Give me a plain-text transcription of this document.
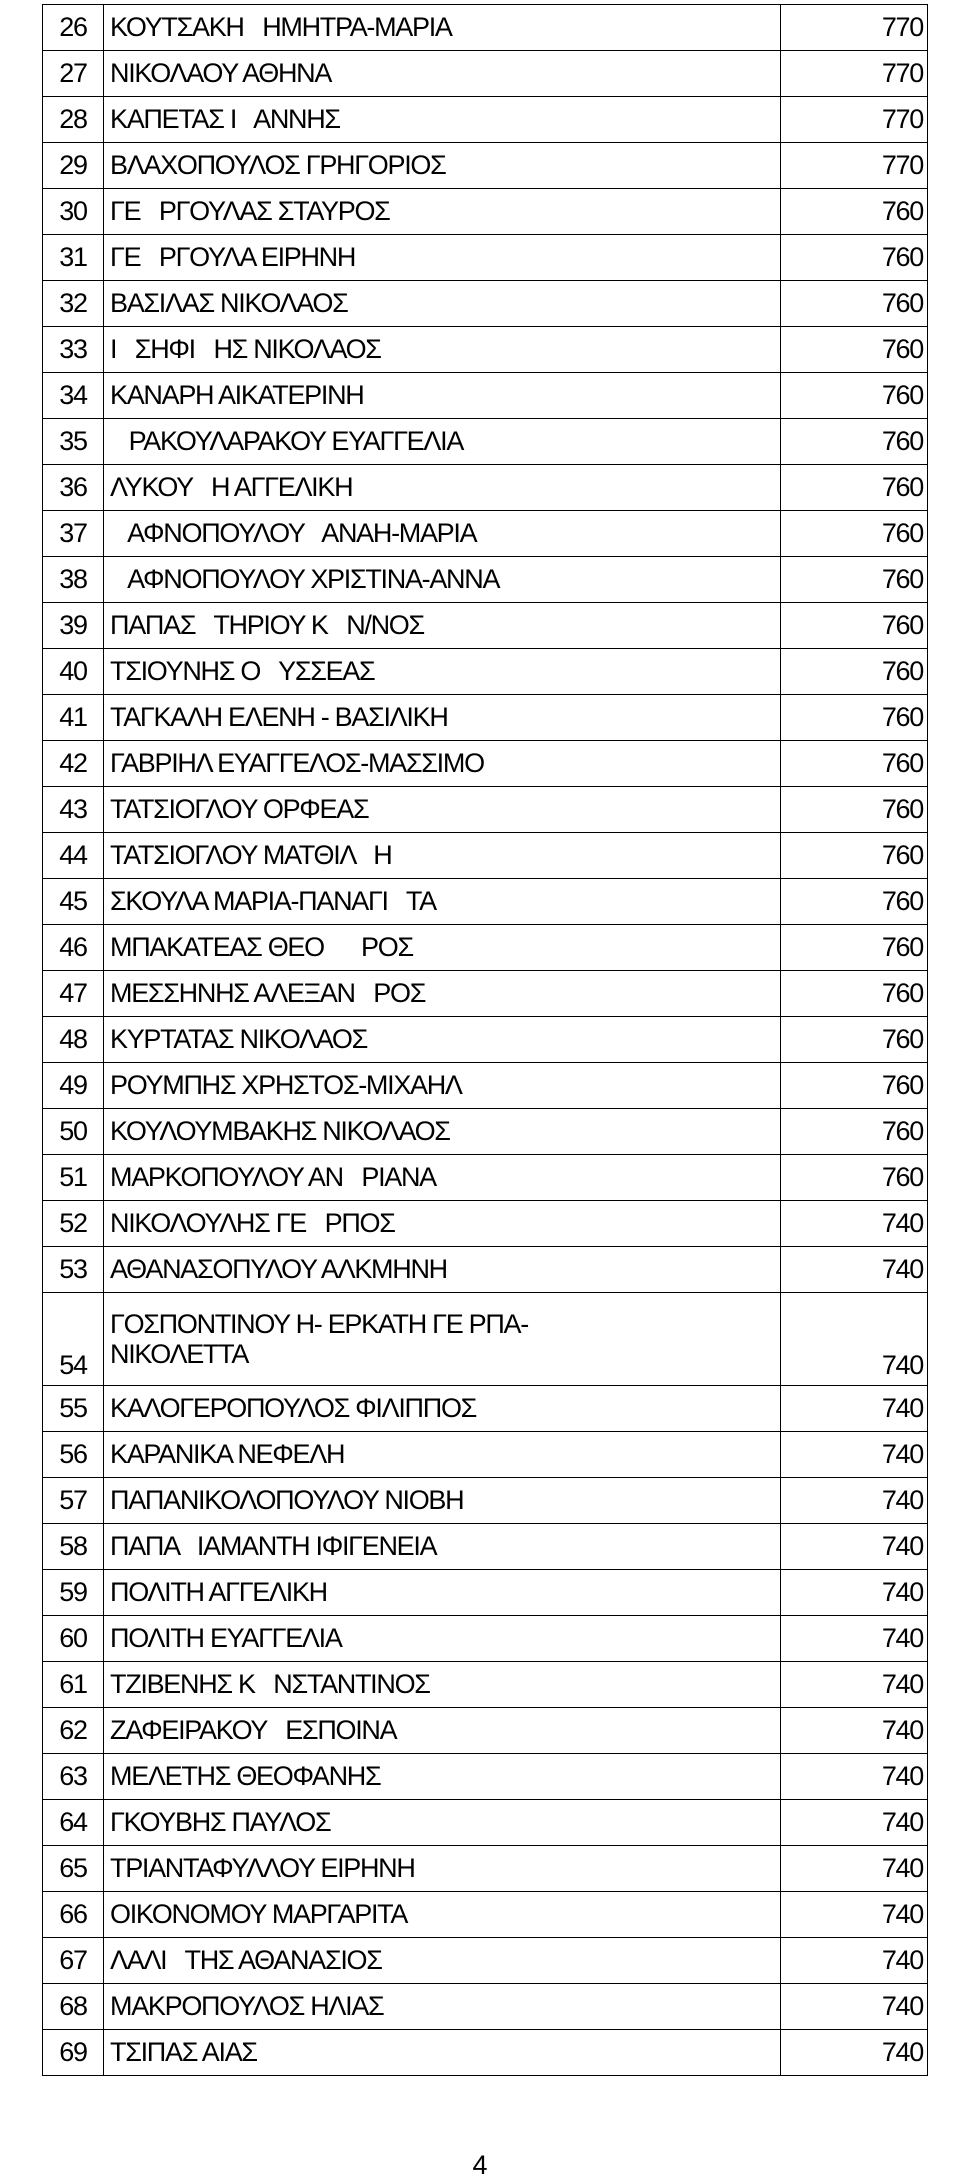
26	ΚΟΥΤΣΑΚΗ   ΗΜΗΤΡΑ-ΜΑΡΙΑ	770
27	ΝΙΚΟΛΑΟΥ ΑΘΗΝΑ	770
28	ΚΑΠΕΤΑΣ Ι   ΑΝΝΗΣ	770
29	ΒΛΑΧΟΠΟΥΛΟΣ ΓΡΗΓΟΡΙΟΣ	770
30	ΓΕ   ΡΓΟΥΛΑΣ ΣΤΑΥΡΟΣ	760
31	ΓΕ   ΡΓΟΥΛΑ ΕΙΡΗΝΗ	760
32	ΒΑΣΙΛΑΣ ΝΙΚΟΛΑΟΣ	760
33	Ι   ΣΗΦΙ   ΗΣ ΝΙΚΟΛΑΟΣ	760
34	ΚΑΝΑΡΗ ΑΙΚΑΤΕΡΙΝΗ	760
35	ΡΑΚΟΥΛΑΡΑΚΟΥ ΕΥΑΓΓΕΛΙΑ	760
36	ΛΥΚΟΥ   Η ΑΓΓΕΛΙΚΗ	760
37	ΑΦΝΟΠΟΥΛΟΥ   ΑΝΑΗ-ΜΑΡΙΑ	760
38	ΑΦΝΟΠΟΥΛΟΥ ΧΡΙΣΤΙΝΑ-ΑΝΝΑ	760
39	ΠΑΠΑΣ   ΤΗΡΙΟΥ Κ   Ν/ΝΟΣ	760
40	ΤΣΙΟΥΝΗΣ Ο   ΥΣΣΕΑΣ	760
41	ΤΑΓΚΑΛΗ ΕΛΕΝΗ - ΒΑΣΙΛΙΚΗ	760
42	ΓΑΒΡΙΗΛ ΕΥΑΓΓΕΛΟΣ-ΜΑΣΣΙΜΟ	760
43	ΤΑΤΣΙΟΓΛΟΥ ΟΡΦΕΑΣ	760
44	ΤΑΤΣΙΟΓΛΟΥ ΜΑΤΘΙΛ   Η	760
45	ΣΚΟΥΛΑ ΜΑΡΙΑ-ΠΑΝΑΓΙ   ΤΑ	760
46	ΜΠΑΚΑΤΕΑΣ ΘΕΟ      ΡΟΣ	760
47	ΜΕΣΣΗΝΗΣ ΑΛΕΞΑΝ   ΡΟΣ	760
48	ΚΥΡΤΑΤΑΣ ΝΙΚΟΛΑΟΣ	760
49	ΡΟΥΜΠΗΣ ΧΡΗΣΤΟΣ-ΜΙΧΑΗΛ	760
50	ΚΟΥΛΟΥΜΒΑΚΗΣ ΝΙΚΟΛΑΟΣ	760
51	ΜΑΡΚΟΠΟΥΛΟΥ ΑΝ   ΡΙΑΝΑ	760
52	ΝΙΚΟΛΟΥΛΗΣ ΓΕ   ΡΠΟΣ	740
53	ΑΘΑΝΑΣΟΠΥΛΟΥ ΑΛΚΜΗΝΗ	740
54	ΓΟΣΠΟΝΤΙΝΟΥ Η- ΕΡΚΑΤΗ ΓΕ ΡΠΑ-
ΝΙΚΟΛΕΤΤΑ	740
55	ΚΑΛΟΓΕΡΟΠΟΥΛΟΣ ΦΙΛΙΠΠΟΣ	740
56	ΚΑΡΑΝΙΚΑ ΝΕΦΕΛΗ	740
57	ΠΑΠΑΝΙΚΟΛΟΠΟΥΛΟΥ ΝΙΟΒΗ	740
58	ΠΑΠΑ   ΙΑΜΑΝΤΗ ΙΦΙΓΕΝΕΙΑ	740
59	ΠΟΛΙΤΗ ΑΓΓΕΛΙΚΗ	740
60	ΠΟΛΙΤΗ ΕΥΑΓΓΕΛΙΑ	740
61	ΤΖΙΒΕΝΗΣ Κ   ΝΣΤΑΝΤΙΝΟΣ	740
62	ΖΑΦΕΙΡΑΚΟΥ   ΕΣΠΟΙΝΑ	740
63	ΜΕΛΕΤΗΣ ΘΕΟΦΑΝΗΣ	740
64	ΓΚΟΥΒΗΣ ΠΑΥΛΟΣ	740
65	ΤΡΙΑΝΤΑΦΥΛΛΟΥ ΕΙΡΗΝΗ	740
66	ΟΙΚΟΝΟΜΟΥ ΜΑΡΓΑΡΙΤΑ	740
67	ΛΑΛΙ   ΤΗΣ ΑΘΑΝΑΣΙΟΣ	740
68	ΜΑΚΡΟΠΟΥΛΟΣ ΗΛΙΑΣ	740
69	ΤΣΙΠΑΣ ΑΙΑΣ	740
4
